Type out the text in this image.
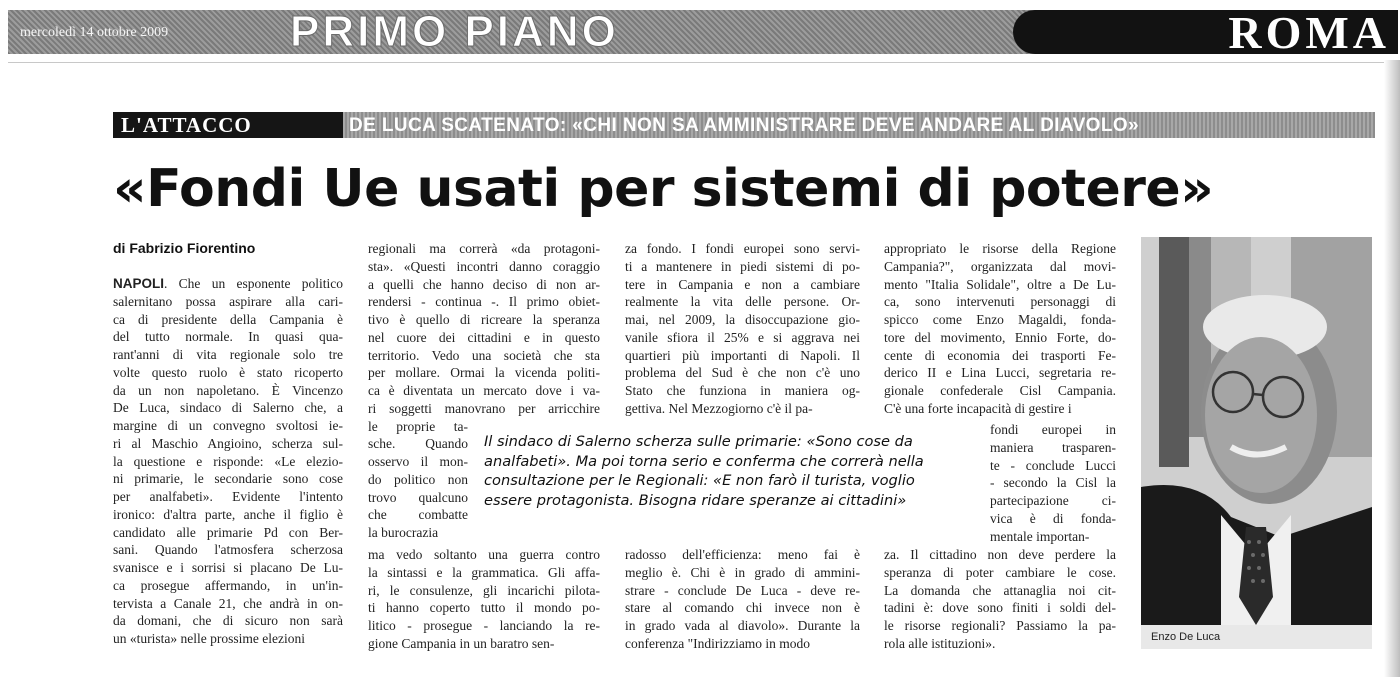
mercoledì 14 ottobre 2009	PRIMO PIANO	ROMA
L'ATTACCO	DE LUCA SCATENATO: «CHI NON SA AMMINISTRARE DEVE ANDARE AL DIAVOLO»
«Fondi Ue usati per sistemi di potere»
di Fabrizio Fiorentino
NAPOLI. Che un esponente politico
salernitano possa aspirare alla cari-
ca di presidente della Campania è
del tutto normale. In quasi qua-
rant'anni di vita regionale solo tre
volte questo ruolo è stato ricoperto
da un non napoletano. È Vincenzo
De Luca, sindaco di Salerno che, a
margine di un convegno svoltosi ie-
ri al Maschio Angioino, scherza sul-
la questione e risponde: «Le elezio-
ni primarie, le secondarie sono cose
per analfabeti». Evidente l'intento
ironico: d'altra parte, anche il figlio è
candidato alle primarie Pd con Ber-
sani. Quando l'atmosfera scherzosa
svanisce e i sorrisi si placano De Lu-
ca prosegue affermando, in un'in-
tervista a Canale 21, che andrà in on-
da domani, che di sicuro non sarà
un «turista» nelle prossime elezioni
regionali ma correrà «da protagoni-
sta». «Questi incontri danno coraggio
a quelli che hanno deciso di non ar-
rendersi - continua -. Il primo obiet-
tivo è quello di ricreare la speranza
nel cuore dei cittadini e in questo
territorio. Vedo una società che sta
per mollare. Ormai la vicenda politi-
ca è diventata un mercato dove i va-
ri soggetti manovrano per arricchire
le proprie ta-
sche. Quando
osservo il mon-
do politico non
trovo qualcuno
che combatte
la burocrazia
ma vedo soltanto una guerra contro
la sintassi e la grammatica. Gli affa-
ri, le consulenze, gli incarichi pilota-
ti hanno coperto tutto il mondo po-
litico - prosegue - lanciando la re-
gione Campania in un baratro sen-
za fondo. I fondi europei sono servi-
ti a mantenere in piedi sistemi di po-
tere in Campania e non a cambiare
realmente la vita delle persone. Or-
mai, nel 2009, la disoccupazione gio-
vanile sfiora il 25% e si aggrava nei
quartieri più importanti di Napoli. Il
problema del Sud è che non c'è uno
Stato che funziona in maniera og-
gettiva. Nel Mezzogiorno c'è il pa-
radosso dell'efficienza: meno fai è
meglio è. Chi è in grado di ammini-
strare - conclude De Luca - deve re-
stare al comando chi invece non è
in grado vada al diavolo». Durante la
conferenza "Indirizziamo in modo
appropriato le risorse della Regione
Campania?", organizzata dal movi-
mento "Italia Solidale", oltre a De Lu-
ca, sono intervenuti personaggi di
spicco come Enzo Magaldi, fonda-
tore del movimento, Ennio Forte, do-
cente di economia dei trasporti Fe-
derico II e Lina Lucci, segretaria re-
gionale confederale Cisl Campania.
C'è una forte incapacità di gestire i
fondi europei in
maniera trasparen-
te - conclude Lucci
- secondo la Cisl la
partecipazione ci-
vica è di fonda-
mentale importan-
za. Il cittadino non deve perdere la
speranza di poter cambiare le cose.
La domanda che attanaglia noi cit-
tadini è: dove sono finiti i soldi del-
le risorse regionali? Passiamo la pa-
rola alle istituzioni».
Il sindaco di Salerno scherza sulle primarie: «Sono cose da
analfabeti». Ma poi torna serio e conferma che correrà nella
consultazione per le Regionali: «E non farò il turista, voglio
essere protagonista. Bisogna ridare speranze ai cittadini»
Enzo De Luca
